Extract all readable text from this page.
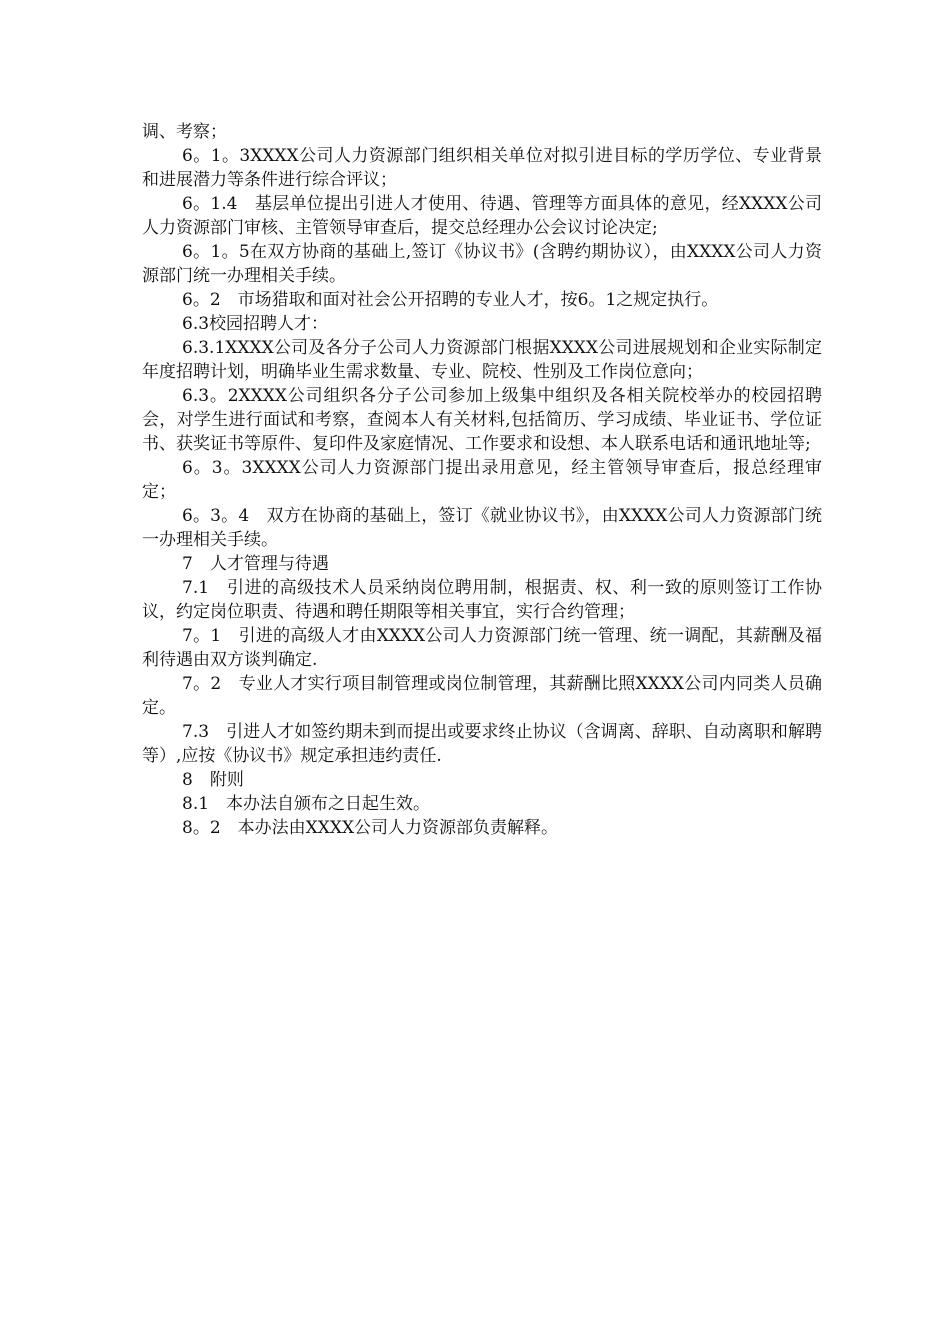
调、考察；

6。1。3XXXX公司人力资源部门组织相关单位对拟引进目标的学历学位、专业背景和进展潜力等条件进行综合评议；

6。1.4　基层单位提出引进人才使用、待遇、管理等方面具体的意见，经XXXX公司人力资源部门审核、主管领导审查后，提交总经理办公会议讨论决定;

6。1。5在双方协商的基础上,签订《协议书》(含聘约期协议），由XXXX公司人力资源部门统一办理相关手续。

6。2　市场猎取和面对社会公开招聘的专业人才，按6。1之规定执行。

6.3校园招聘人才：

6.3.1XXXX公司及各分子公司人力资源部门根据XXXX公司进展规划和企业实际制定年度招聘计划，明确毕业生需求数量、专业、院校、性别及工作岗位意向；

6.3。2XXXX公司组织各分子公司参加上级集中组织及各相关院校举办的校园招聘会，对学生进行面试和考察，查阅本人有关材料,包括简历、学习成绩、毕业证书、学位证书、获奖证书等原件、复印件及家庭情况、工作要求和设想、本人联系电话和通讯地址等;

6。3。3XXXX公司人力资源部门提出录用意见，经主管领导审查后，报总经理审定；

6。3。4　双方在协商的基础上，签订《就业协议书》，由XXXX公司人力资源部门统一办理相关手续。

7　人才管理与待遇

7.1　引进的高级技术人员采纳岗位聘用制，根据责、权、利一致的原则签订工作协议，约定岗位职责、待遇和聘任期限等相关事宜，实行合约管理；

7。1　引进的高级人才由XXXX公司人力资源部门统一管理、统一调配，其薪酬及福利待遇由双方谈判确定.

7。2　专业人才实行项目制管理或岗位制管理，其薪酬比照XXXX公司内同类人员确定。

7.3　引进人才如签约期未到而提出或要求终止协议（含调离、辞职、自动离职和解聘等）,应按《协议书》规定承担违约责任.

8　附则

8.1　本办法自颁布之日起生效。

8。2　本办法由XXXX公司人力资源部负责解释。
